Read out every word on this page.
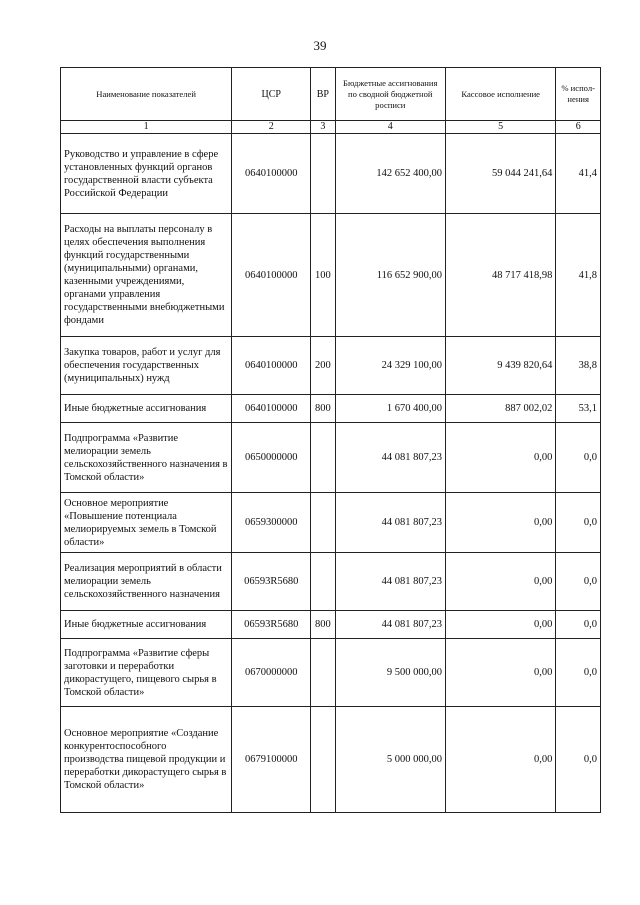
39
Наименование показателей	ЦСР	ВР	Бюджетные ассигнования по сводной бюджетной росписи	Кассовое исполнение	% испол-нения
1	2	3	4	5	6
Руководство и управление в сфере установленных функций органов государственной власти субъекта Российской Федерации	0640100000		142 652 400,00	59 044 241,64	41,4
Расходы на выплаты персоналу в целях обеспечения выполнения функций государственными (муниципальными) органами, казенными учреждениями, органами управления государственными внебюджетными фондами	0640100000	100	116 652 900,00	48 717 418,98	41,8
Закупка товаров, работ и услуг для обеспечения государственных (муниципальных) нужд	0640100000	200	24 329 100,00	9 439 820,64	38,8
Иные бюджетные ассигнования	0640100000	800	1 670 400,00	887 002,02	53,1
Подпрограмма «Развитие мелиорации земель сельскохозяйственного назначения в Томской области»	0650000000		44 081 807,23	0,00	0,0
Основное мероприятие «Повышение потенциала мелиорируемых земель в Томской области»	0659300000		44 081 807,23	0,00	0,0
Реализация мероприятий в области мелиорации земель сельскохозяйственного назначения	06593R5680		44 081 807,23	0,00	0,0
Иные бюджетные ассигнования	06593R5680	800	44 081 807,23	0,00	0,0
Подпрограмма «Развитие сферы заготовки и переработки дикорастущего, пищевого сырья в Томской области»	0670000000		9 500 000,00	0,00	0,0
Основное мероприятие «Создание конкурентоспособного производства пищевой продукции и переработки дикорастущего сырья в Томской области»	0679100000		5 000 000,00	0,00	0,0
